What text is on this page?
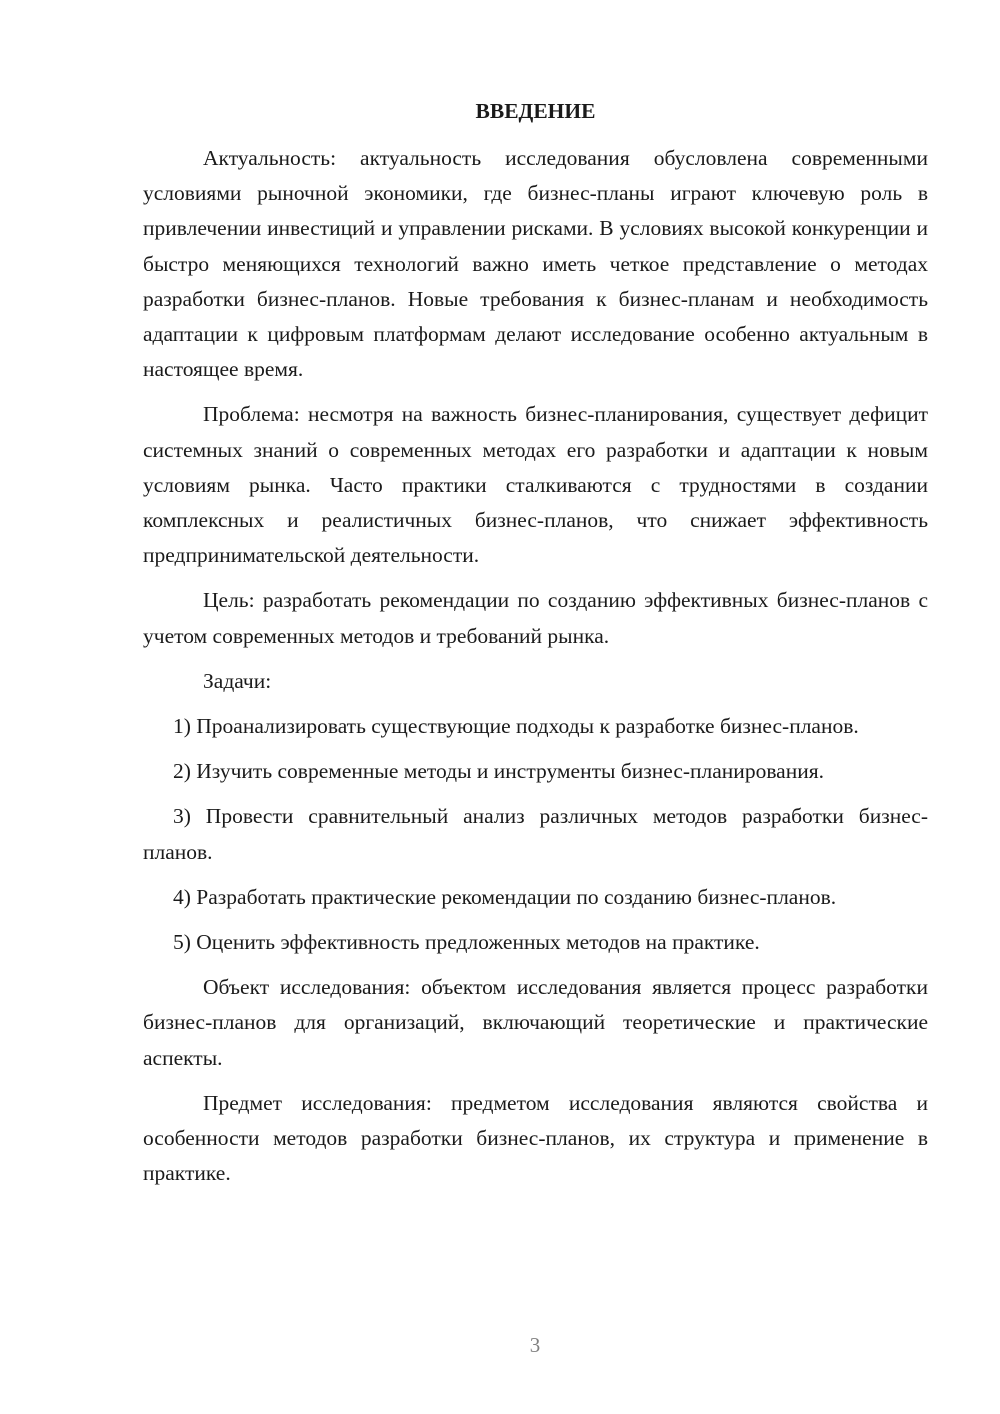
ВВЕДЕНИЕ

Актуальность: актуальность исследования обусловлена современными условиями рыночной экономики, где бизнес-планы играют ключевую роль в привлечении инвестиций и управлении рисками. В условиях высокой конкуренции и быстро меняющихся технологий важно иметь четкое представление о методах разработки бизнес-планов. Новые требования к бизнес-планам и необходимость адаптации к цифровым платформам делают исследование особенно актуальным в настоящее время.

Проблема: несмотря на важность бизнес-планирования, существует дефицит системных знаний о современных методах его разработки и адаптации к новым условиям рынка. Часто практики сталкиваются с трудностями в создании комплексных и реалистичных бизнес-планов, что снижает эффективность предпринимательской деятельности.

Цель: разработать рекомендации по созданию эффективных бизнес-планов с учетом современных методов и требований рынка.

Задачи:

1) Проанализировать существующие подходы к разработке бизнес-планов.

2) Изучить современные методы и инструменты бизнес-планирования.

3) Провести сравнительный анализ различных методов разработки бизнес-планов.

4) Разработать практические рекомендации по созданию бизнес-планов.

5) Оценить эффективность предложенных методов на практике.

Объект исследования: объектом исследования является процесс разработки бизнес-планов для организаций, включающий теоретические и практические аспекты.

Предмет исследования: предметом исследования являются свойства и особенности методов разработки бизнес-планов, их структура и применение в практике.

3
